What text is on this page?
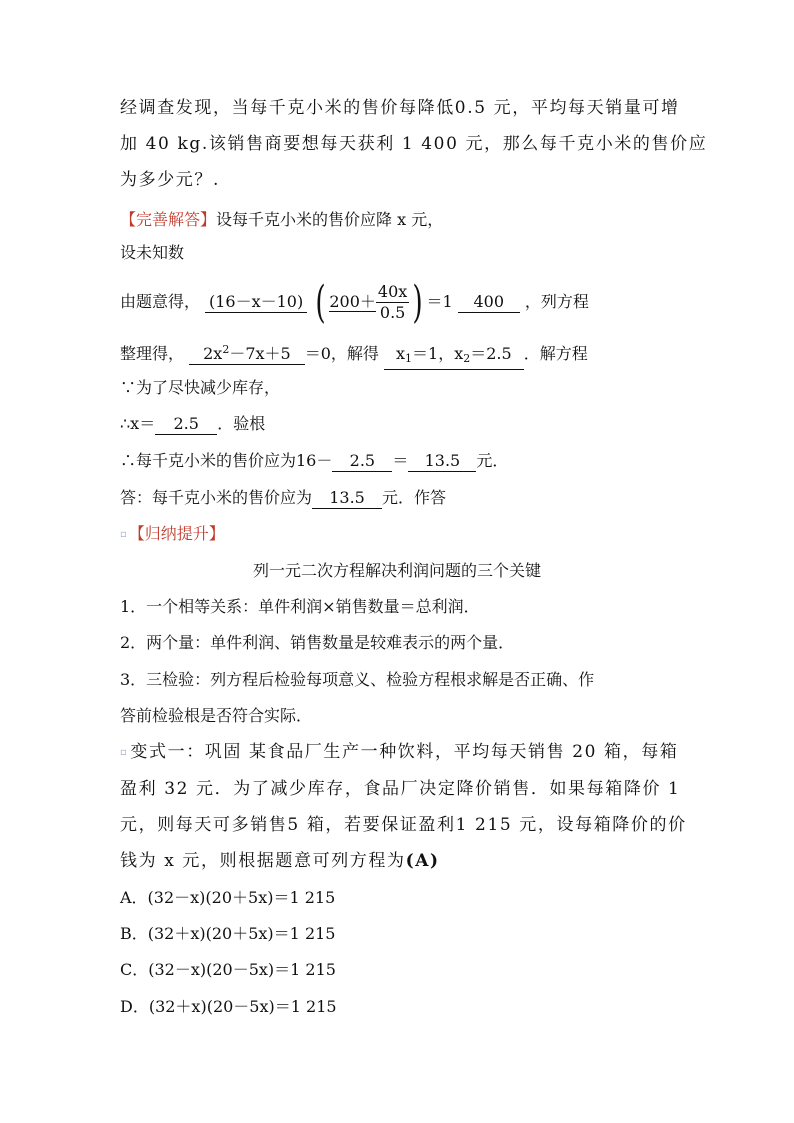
经调查发现，当每千克小米的售价每降低0.5 元，平均每天销量可增
加 40 kg.该销售商要想每天获利 1 400 元，那么每千克小米的售价应
为多少元？.
【完善解答】设每千克小米的售价应降 x 元，
设未知数
由题意得， (16－x－10) ( $200+ \frac{40x}{0.5}$ ) ＝1 400 ，列方程
整理得， $2x^2-7x+5 =0$，解得 $x_1=1$，$x_2=2.5$ ．解方程
∵为了尽快减少库存，
∴x＝ 2.5 ．验根
∴每千克小米的售价应为16－ 2.5 ＝ 13.5 元．
答：每千克小米的售价应为 13.5 元．作答
▫ 【归纳提升】
列一元二次方程解决利润问题的三个关键
1．一个相等关系：单件利润×销售数量＝总利润．
2．两个量：单件利润、销售数量是较难表示的两个量．
3．三检验：列方程后检验每项意义、检验方程根求解是否正确、作
答前检验根是否符合实际．
▫ 变式一：巩固 某食品厂生产一种饮料，平均每天销售 20 箱，每箱
盈利 32 元．为了减少库存，食品厂决定降价销售．如果每箱降价 1
元，则每天可多销售5 箱，若要保证盈利1 215 元，设每箱降价的价
钱为 x 元，则根据题意可列方程为(A)
A．(32－x)(20＋5x)＝1 215
B．(32＋x)(20＋5x)＝1 215
C．(32－x)(20－5x)＝1 215
D．(32＋x)(20－5x)＝1 215
